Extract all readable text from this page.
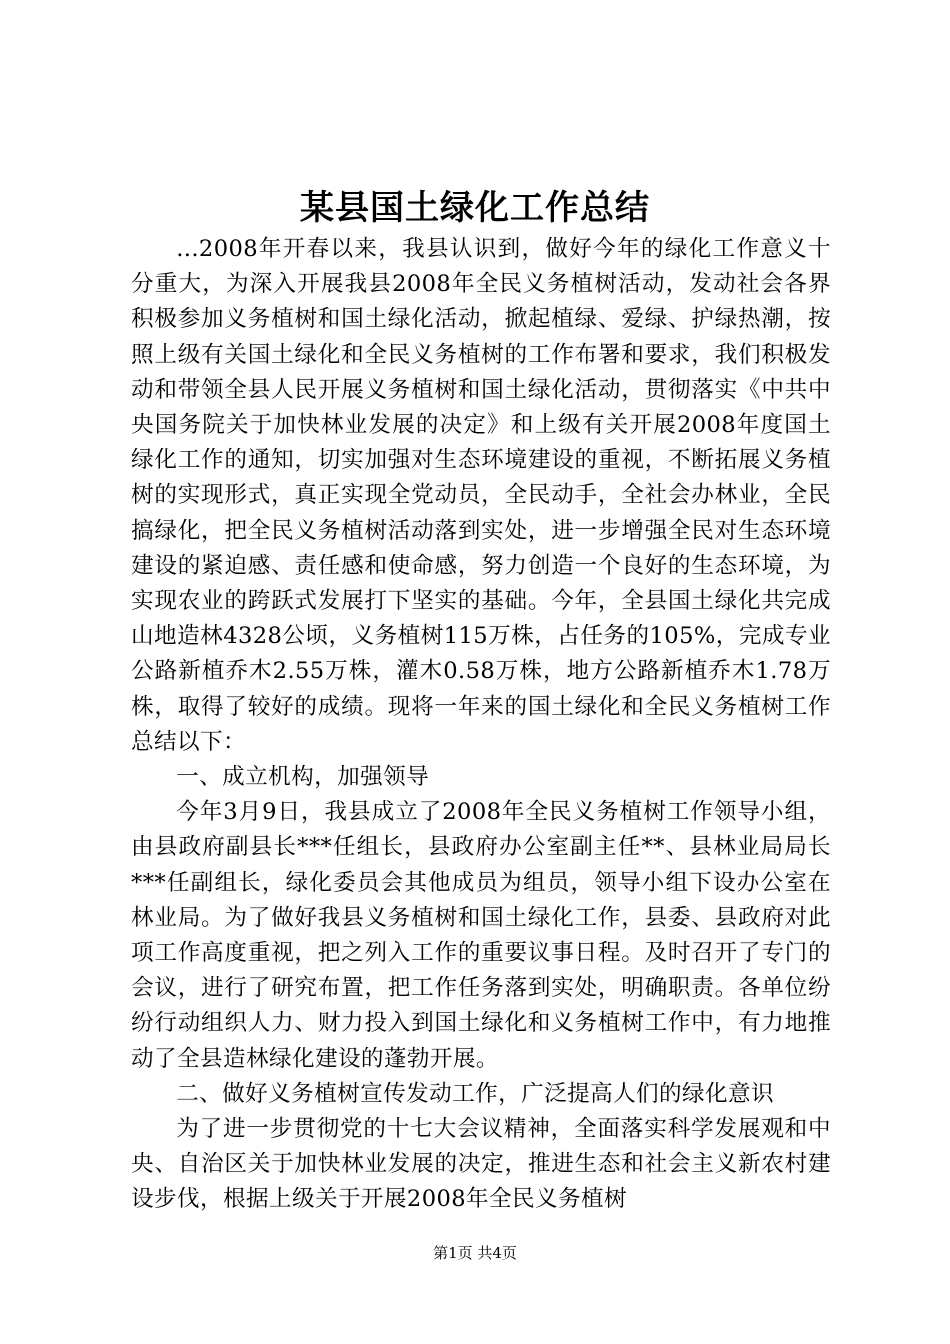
某县国土绿化工作总结

...2008年开春以来，我县认识到，做好今年的绿化工作意义十分重大，为深入开展我县2008年全民义务植树活动，发动社会各界积极参加义务植树和国土绿化活动，掀起植绿、爱绿、护绿热潮，按照上级有关国土绿化和全民义务植树的工作布署和要求，我们积极发动和带领全县人民开展义务植树和国土绿化活动，贯彻落实《中共中央国务院关于加快林业发展的决定》和上级有关开展2008年度国土绿化工作的通知，切实加强对生态环境建设的重视，不断拓展义务植树的实现形式，真正实现全党动员，全民动手，全社会办林业，全民搞绿化，把全民义务植树活动落到实处，进一步增强全民对生态环境建设的紧迫感、责任感和使命感，努力创造一个良好的生态环境，为实现农业的跨跃式发展打下坚实的基础。今年，全县国土绿化共完成山地造林4328公顷，义务植树115万株，占任务的105%，完成专业公路新植乔木2.55万株，灌木0.58万株，地方公路新植乔木1.78万株，取得了较好的成绩。现将一年来的国土绿化和全民义务植树工作总结以下：

一、成立机构，加强领导

今年3月9日，我县成立了2008年全民义务植树工作领导小组，由县政府副县长***任组长，县政府办公室副主任**、县林业局局长***任副组长，绿化委员会其他成员为组员，领导小组下设办公室在林业局。为了做好我县义务植树和国土绿化工作，县委、县政府对此项工作高度重视，把之列入工作的重要议事日程。及时召开了专门的会议，进行了研究布置，把工作任务落到实处，明确职责。各单位纷纷行动组织人力、财力投入到国土绿化和义务植树工作中，有力地推动了全县造林绿化建设的蓬勃开展。

二、做好义务植树宣传发动工作，广泛提高人们的绿化意识

为了进一步贯彻党的十七大会议精神，全面落实科学发展观和中央、自治区关于加快林业发展的决定，推进生态和社会主义新农村建设步伐，根据上级关于开展2008年全民义务植树

第1页 共4页
